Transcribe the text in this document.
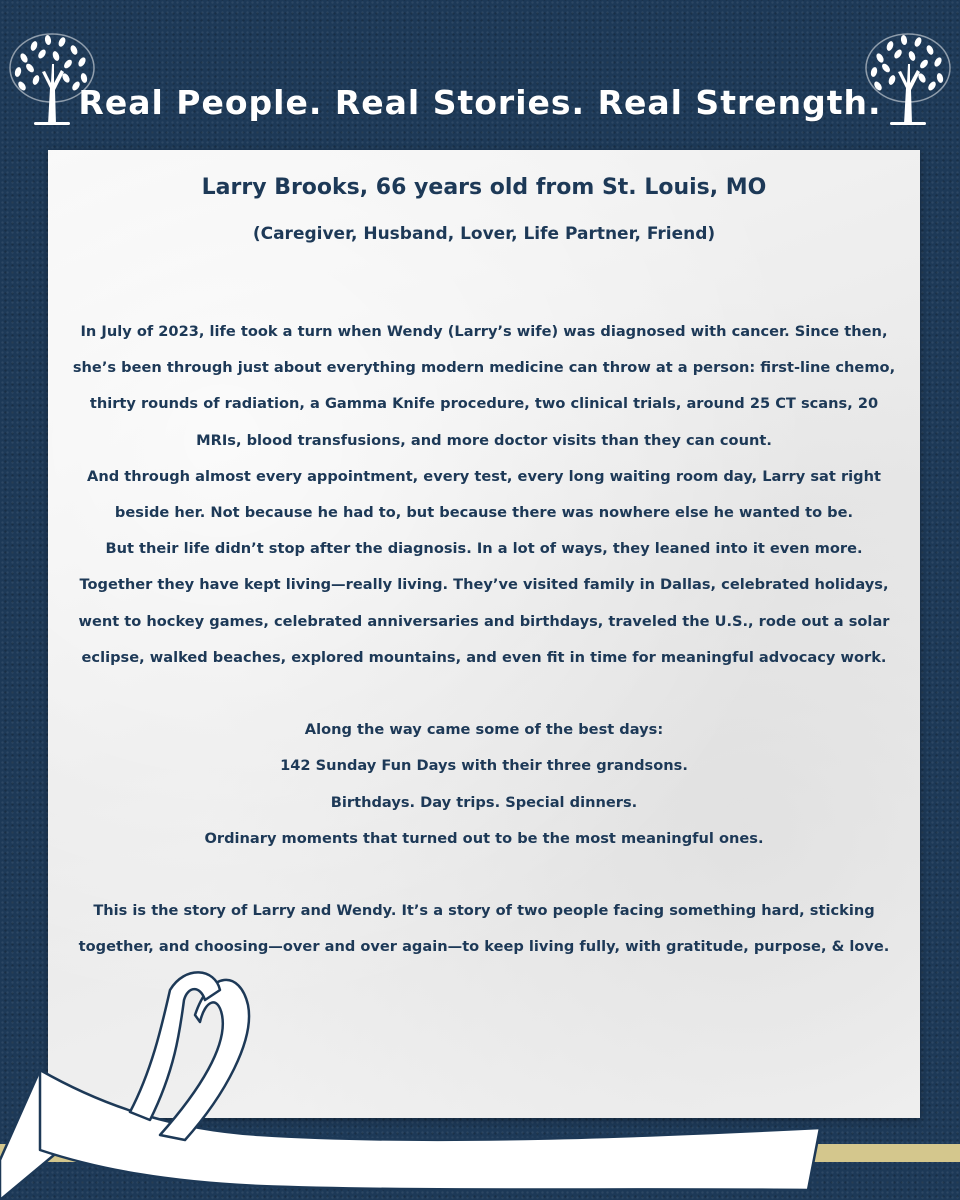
Real People. Real Stories. Real Strength.
Larry Brooks, 66 years old from St. Louis, MO
(Caregiver, Husband, Lover, Life Partner, Friend)

In July of 2023, life took a turn when Wendy (Larry’s wife) was diagnosed with cancer. Since then,

she’s been through just about everything modern medicine can throw at a person: first-line chemo,

thirty rounds of radiation, a Gamma Knife procedure, two clinical trials, around 25 CT scans, 20

MRIs, blood transfusions, and more doctor visits than they can count.

And through almost every appointment, every test, every long waiting room day, Larry sat right

beside her. Not because he had to, but because there was nowhere else he wanted to be.

But their life didn’t stop after the diagnosis. In a lot of ways, they leaned into it even more.

Together they have kept living—really living. They’ve visited family in Dallas, celebrated holidays,

went to hockey games, celebrated anniversaries and birthdays, traveled the U.S., rode out a solar

eclipse, walked beaches, explored mountains, and even fit in time for meaningful advocacy work.

Along the way came some of the best days:

142 Sunday Fun Days with their three grandsons.

Birthdays. Day trips. Special dinners.

Ordinary moments that turned out to be the most meaningful ones.

This is the story of Larry and Wendy. It’s a story of two people facing something hard, sticking

together, and choosing—over and over again—to keep living fully, with gratitude, purpose, & love.
